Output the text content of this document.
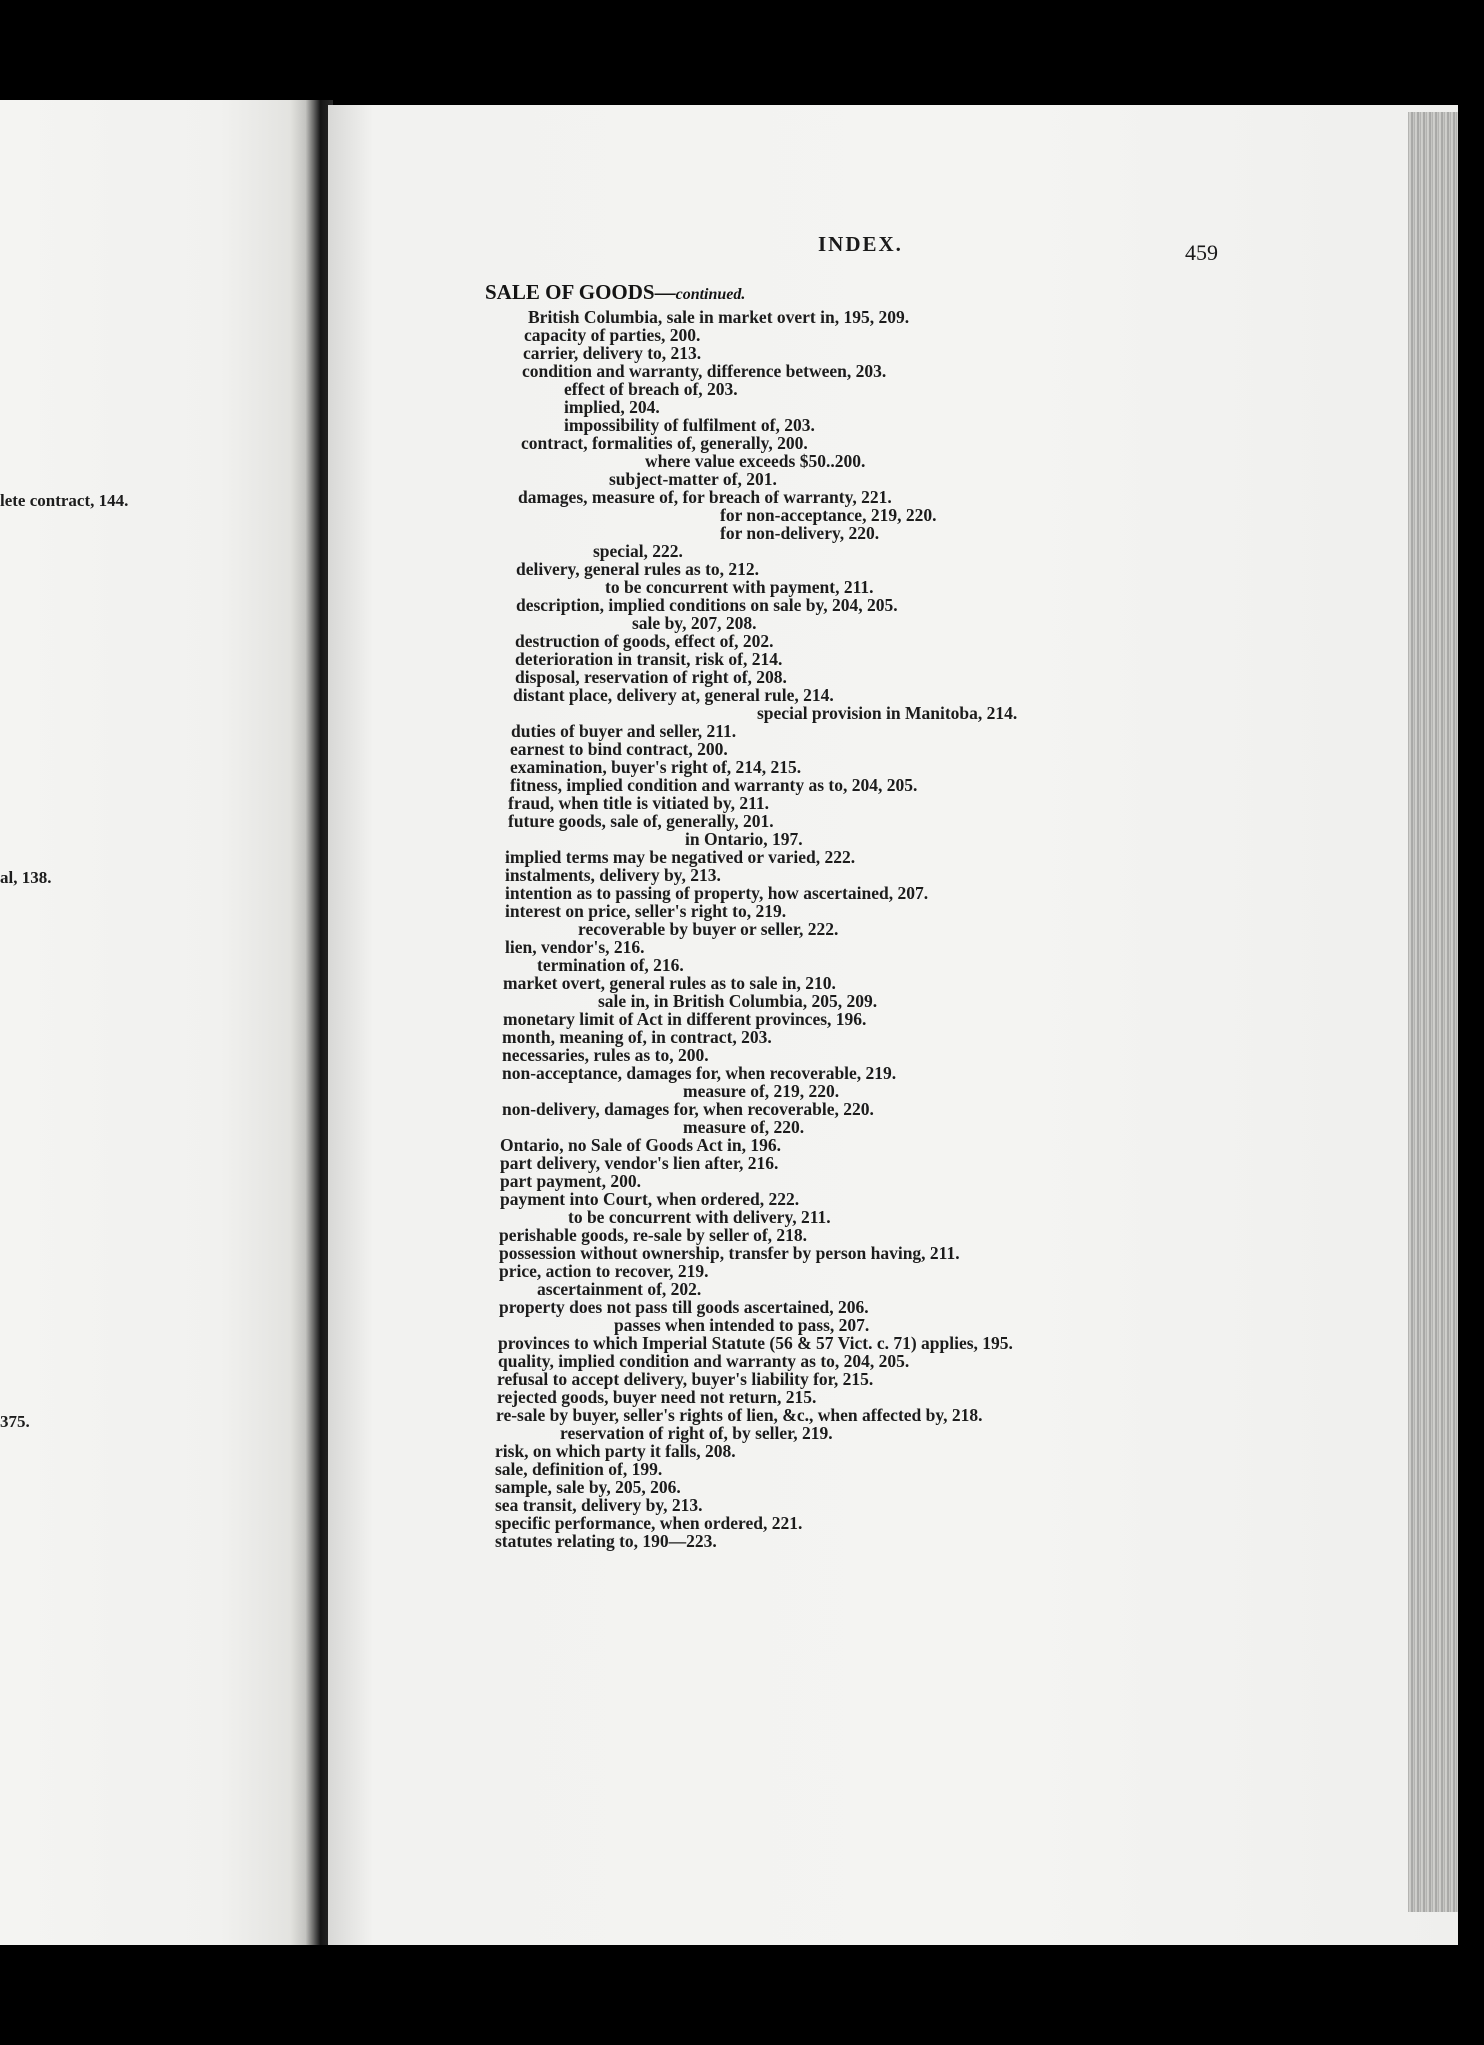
lete contract, 144.
al, 138.
375.
INDEX.	459
SALE OF GOODS—continued.
British Columbia, sale in market overt in, 195, 209.
capacity of parties, 200.
carrier, delivery to, 213.
condition and warranty, difference between, 203.
effect of breach of, 203.
implied, 204.
impossibility of fulfilment of, 203.
contract, formalities of, generally, 200.
where value exceeds $50..200.
subject-matter of, 201.
damages, measure of, for breach of warranty, 221.
for non-acceptance, 219, 220.
for non-delivery, 220.
special, 222.
delivery, general rules as to, 212.
to be concurrent with payment, 211.
description, implied conditions on sale by, 204, 205.
sale by, 207, 208.
destruction of goods, effect of, 202.
deterioration in transit, risk of, 214.
disposal, reservation of right of, 208.
distant place, delivery at, general rule, 214.
special provision in Manitoba, 214.
duties of buyer and seller, 211.
earnest to bind contract, 200.
examination, buyer's right of, 214, 215.
fitness, implied condition and warranty as to, 204, 205.
fraud, when title is vitiated by, 211.
future goods, sale of, generally, 201.
in Ontario, 197.
implied terms may be negatived or varied, 222.
instalments, delivery by, 213.
intention as to passing of property, how ascertained, 207.
interest on price, seller's right to, 219.
recoverable by buyer or seller, 222.
lien, vendor's, 216.
termination of, 216.
market overt, general rules as to sale in, 210.
sale in, in British Columbia, 205, 209.
monetary limit of Act in different provinces, 196.
month, meaning of, in contract, 203.
necessaries, rules as to, 200.
non-acceptance, damages for, when recoverable, 219.
measure of, 219, 220.
non-delivery, damages for, when recoverable, 220.
measure of, 220.
Ontario, no Sale of Goods Act in, 196.
part delivery, vendor's lien after, 216.
part payment, 200.
payment into Court, when ordered, 222.
to be concurrent with delivery, 211.
perishable goods, re-sale by seller of, 218.
possession without ownership, transfer by person having, 211.
price, action to recover, 219.
ascertainment of, 202.
property does not pass till goods ascertained, 206.
passes when intended to pass, 207.
provinces to which Imperial Statute (56 & 57 Vict. c. 71) applies, 195.
quality, implied condition and warranty as to, 204, 205.
refusal to accept delivery, buyer's liability for, 215.
rejected goods, buyer need not return, 215.
re-sale by buyer, seller's rights of lien, &c., when affected by, 218.
reservation of right of, by seller, 219.
risk, on which party it falls, 208.
sale, definition of, 199.
sample, sale by, 205, 206.
sea transit, delivery by, 213.
specific performance, when ordered, 221.
statutes relating to, 190—223.
